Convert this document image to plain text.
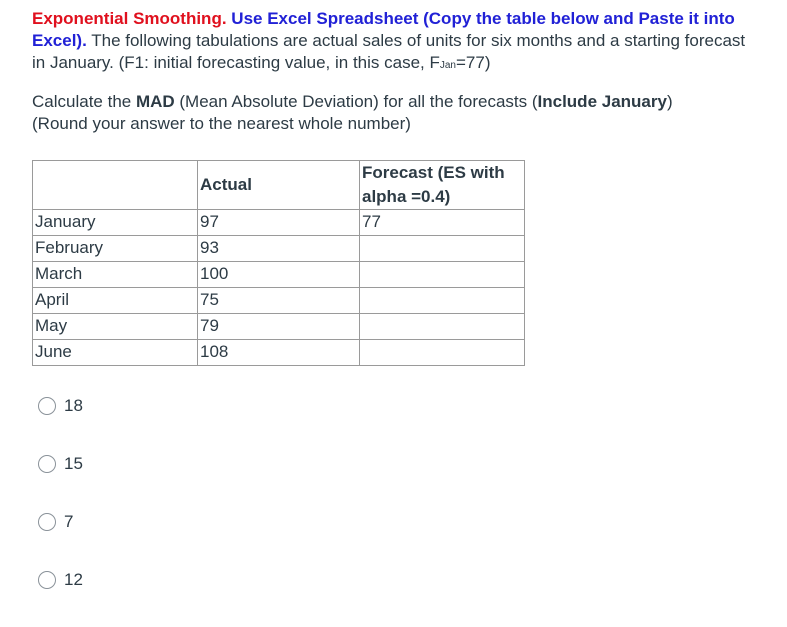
Exponential Smoothing. Use Excel Spreadsheet (Copy the table below and Paste it into Excel). The following tabulations are actual sales of units for six months and a starting forecast in January. (F1: initial forecasting value, in this case, FJan=77)

Calculate the MAD (Mean Absolute Deviation) for all the forecasts (Include January)
(Round your answer to the nearest whole number)

	Actual	Forecast (ES with alpha =0.4)
January	97	77
February	93	
March	100	
April	75	
May	79	
June	108	
18
15
7
12
